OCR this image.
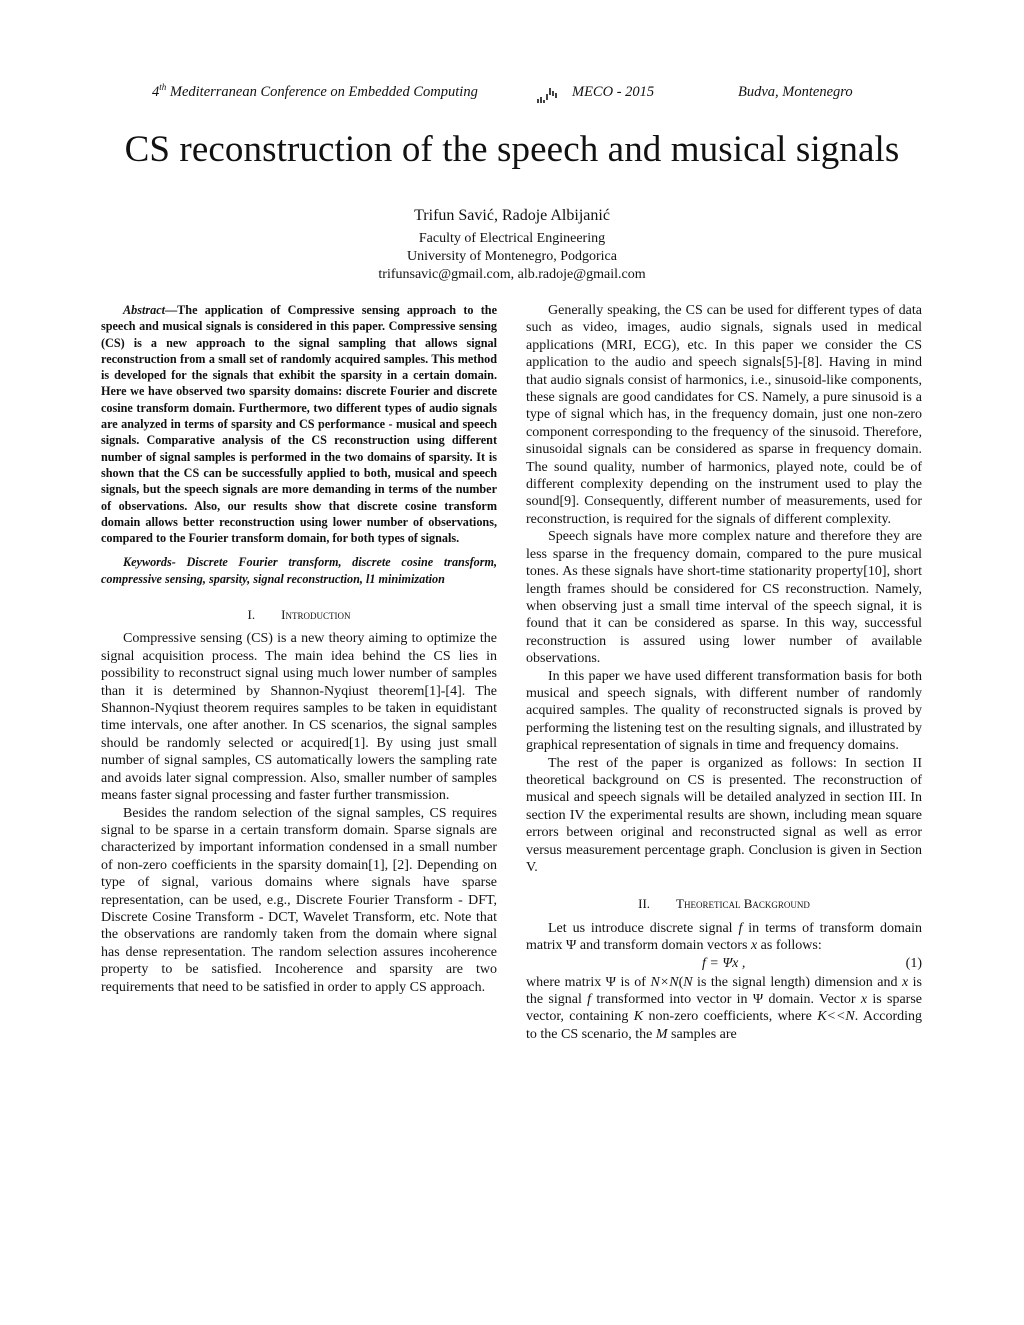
4th Mediterranean Conference on Embedded Computing	MECO - 2015	Budva, Montenegro
CS reconstruction of the speech and musical signals
Trifun Savić, Radoje Albijanić
Faculty of Electrical Engineering
University of Montenegro, Podgorica
trifunsavic@gmail.com, alb.radoje@gmail.com

Abstract—The application of Compressive sensing approach to the speech and musical signals is considered in this paper. Compressive sensing (CS) is a new approach to the signal sampling that allows signal reconstruction from a small set of randomly acquired samples. This method is developed for the signals that exhibit the sparsity in a certain domain. Here we have observed two sparsity domains: discrete Fourier and discrete cosine transform domain. Furthermore, two different types of audio signals are analyzed in terms of sparsity and CS performance - musical and speech signals. Comparative analysis of the CS reconstruction using different number of signal samples is performed in the two domains of sparsity. It is shown that the CS can be successfully applied to both, musical and speech signals, but the speech signals are more demanding in terms of the number of observations. Also, our results show that discrete cosine transform domain allows better reconstruction using lower number of observations, compared to the Fourier transform domain, for both types of signals.

Keywords- Discrete Fourier transform, discrete cosine transform, compressive sensing, sparsity, signal reconstruction, l1 minimization

I. Introduction

Compressive sensing (CS) is a new theory aiming to optimize the signal acquisition process. The main idea behind the CS lies in possibility to reconstruct signal using much lower number of samples than it is determined by Shannon-Nyqiust theorem[1]-[4]. The Shannon-Nyqiust theorem requires samples to be taken in equidistant time intervals, one after another. In CS scenarios, the signal samples should be randomly selected or acquired[1]. By using just small number of signal samples, CS automatically lowers the sampling rate and avoids later signal compression. Also, smaller number of samples means faster signal processing and faster further transmission.

Besides the random selection of the signal samples, CS requires signal to be sparse in a certain transform domain. Sparse signals are characterized by important information condensed in a small number of non-zero coefficients in the sparsity domain[1], [2]. Depending on type of signal, various domains where signals have sparse representation, can be used, e.g., Discrete Fourier Transform - DFT, Discrete Cosine Transform - DCT, Wavelet Transform, etc. Note that the observations are randomly taken from the domain where signal has dense representation. The random selection assures incoherence property to be satisfied. Incoherence and sparsity are two requirements that need to be satisfied in order to apply CS approach.

Generally speaking, the CS can be used for different types of data such as video, images, audio signals, signals used in medical applications (MRI, ECG), etc. In this paper we consider the CS application to the audio and speech signals[5]-[8]. Having in mind that audio signals consist of harmonics, i.e., sinusoid-like components, these signals are good candidates for CS. Namely, a pure sinusoid is a type of signal which has, in the frequency domain, just one non-zero component corresponding to the frequency of the sinusoid. Therefore, sinusoidal signals can be considered as sparse in frequency domain. The sound quality, number of harmonics, played note, could be of different complexity depending on the instrument used to play the sound[9]. Consequently, different number of measurements, used for reconstruction, is required for the signals of different complexity.

Speech signals have more complex nature and therefore they are less sparse in the frequency domain, compared to the pure musical tones. As these signals have short-time stationarity property[10], short length frames should be considered for CS reconstruction. Namely, when observing just a small time interval of the speech signal, it is found that it can be considered as sparse. In this way, successful reconstruction is assured using lower number of available observations.

In this paper we have used different transformation basis for both musical and speech signals, with different number of randomly acquired samples. The quality of reconstructed signals is proved by performing the listening test on the resulting signals, and illustrated by graphical representation of signals in time and frequency domains.

The rest of the paper is organized as follows: In section II theoretical background on CS is presented. The reconstruction of musical and speech signals will be detailed analyzed in section III. In section IV the experimental results are shown, including mean square errors between original and reconstructed signal as well as error versus measurement percentage graph. Conclusion is given in Section V.

II. Theoretical Background

Let us introduce discrete signal f in terms of transform domain matrix Ψ and transform domain vectors x as follows:

f = Ψx ,	(1)

where matrix Ψ is of N×N(N is the signal length) dimension and x is the signal f transformed into vector in Ψ domain. Vector x is sparse vector, containing K non-zero coefficients, where K<<N. According to the CS scenario, the M samples are
